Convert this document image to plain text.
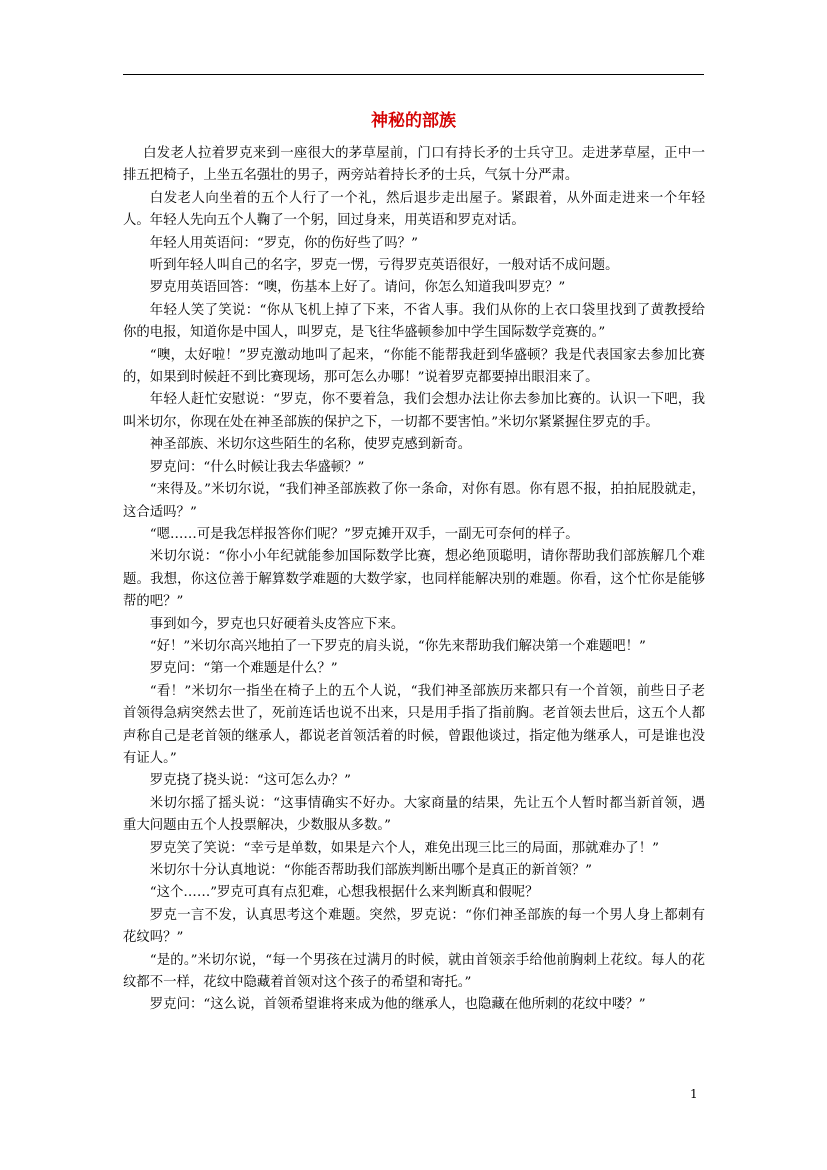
神秘的部族

白发老人拉着罗克来到一座很大的茅草屋前，门口有持长矛的士兵守卫。走进茅草屋，正中一排五把椅子，上坐五名强壮的男子，两旁站着持长矛的士兵，气氛十分严肃。

白发老人向坐着的五个人行了一个礼，然后退步走出屋子。紧跟着，从外面走进来一个年轻人。年轻人先向五个人鞠了一个躬，回过身来，用英语和罗克对话。

年轻人用英语问：“罗克，你的伤好些了吗？”

听到年轻人叫自己的名字，罗克一愣，亏得罗克英语很好，一般对话不成问题。

罗克用英语回答：“噢，伤基本上好了。请问，你怎么知道我叫罗克？”

年轻人笑了笑说：“你从飞机上掉了下来，不省人事。我们从你的上衣口袋里找到了黄教授给你的电报，知道你是中国人，叫罗克，是飞往华盛顿参加中学生国际数学竞赛的。”

“噢，太好啦！”罗克激动地叫了起来，“你能不能帮我赶到华盛顿？我是代表国家去参加比赛的，如果到时候赶不到比赛现场，那可怎么办哪！”说着罗克都要掉出眼泪来了。

年轻人赶忙安慰说：“罗克，你不要着急，我们会想办法让你去参加比赛的。认识一下吧，我叫米切尔，你现在处在神圣部族的保护之下，一切都不要害怕。”米切尔紧紧握住罗克的手。

神圣部族、米切尔这些陌生的名称，使罗克感到新奇。

罗克问：“什么时候让我去华盛顿？”

“来得及。”米切尔说，“我们神圣部族救了你一条命，对你有恩。你有恩不报，拍拍屁股就走，这合适吗？”

“嗯……可是我怎样报答你们呢？”罗克摊开双手，一副无可奈何的样子。

米切尔说：“你小小年纪就能参加国际数学比赛，想必绝顶聪明，请你帮助我们部族解几个难题。我想，你这位善于解算数学难题的大数学家，也同样能解决别的难题。你看，这个忙你是能够帮的吧？”

事到如今，罗克也只好硬着头皮答应下来。

“好！”米切尔高兴地拍了一下罗克的肩头说，“你先来帮助我们解决第一个难题吧！”

罗克问：“第一个难题是什么？”

“看！”米切尔一指坐在椅子上的五个人说，“我们神圣部族历来都只有一个首领，前些日子老首领得急病突然去世了，死前连话也说不出来，只是用手指了指前胸。老首领去世后，这五个人都声称自己是老首领的继承人，都说老首领活着的时候，曾跟他谈过，指定他为继承人，可是谁也没有证人。”

罗克挠了挠头说：“这可怎么办？”

米切尔摇了摇头说：“这事情确实不好办。大家商量的结果，先让五个人暂时都当新首领，遇重大问题由五个人投票解决，少数服从多数。”

罗克笑了笑说：“幸亏是单数，如果是六个人，难免出现三比三的局面，那就难办了！”

米切尔十分认真地说：“你能否帮助我们部族判断出哪个是真正的新首领？”

“这个……”罗克可真有点犯难，心想我根据什么来判断真和假呢？

罗克一言不发，认真思考这个难题。突然，罗克说：“你们神圣部族的每一个男人身上都刺有花纹吗？”

“是的。”米切尔说，“每一个男孩在过满月的时候，就由首领亲手给他前胸刺上花纹。每人的花纹都不一样，花纹中隐藏着首领对这个孩子的希望和寄托。”

罗克问：“这么说，首领希望谁将来成为他的继承人，也隐藏在他所刺的花纹中喽？”

1
